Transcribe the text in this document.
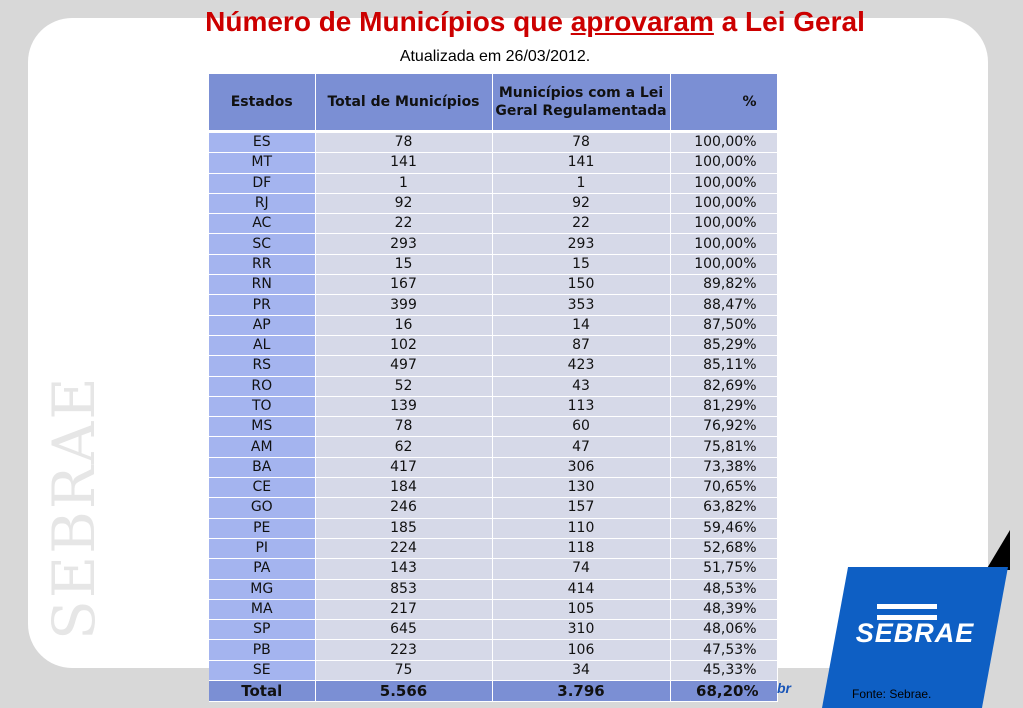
SEBRAE
Número de Municípios que aprovaram a Lei Geral
Atualizada em 26/03/2012.
Estados	Total de Municípios	Municípios com a Lei Geral Regulamentada	%
ES	78	78	100,00%
MT	141	141	100,00%
DF	1	1	100,00%
RJ	92	92	100,00%
AC	22	22	100,00%
SC	293	293	100,00%
RR	15	15	100,00%
RN	167	150	89,82%
PR	399	353	88,47%
AP	16	14	87,50%
AL	102	87	85,29%
RS	497	423	85,11%
RO	52	43	82,69%
TO	139	113	81,29%
MS	78	60	76,92%
AM	62	47	75,81%
BA	417	306	73,38%
CE	184	130	70,65%
GO	246	157	63,82%
PE	185	110	59,46%
PI	224	118	52,68%
PA	143	74	51,75%
MG	853	414	48,53%
MA	217	105	48,39%
SP	645	310	48,06%
PB	223	106	47,53%
SE	75	34	45,33%
Total	5.566	3.796	68,20% br
SEBRAE
Fonte: Sebrae.
